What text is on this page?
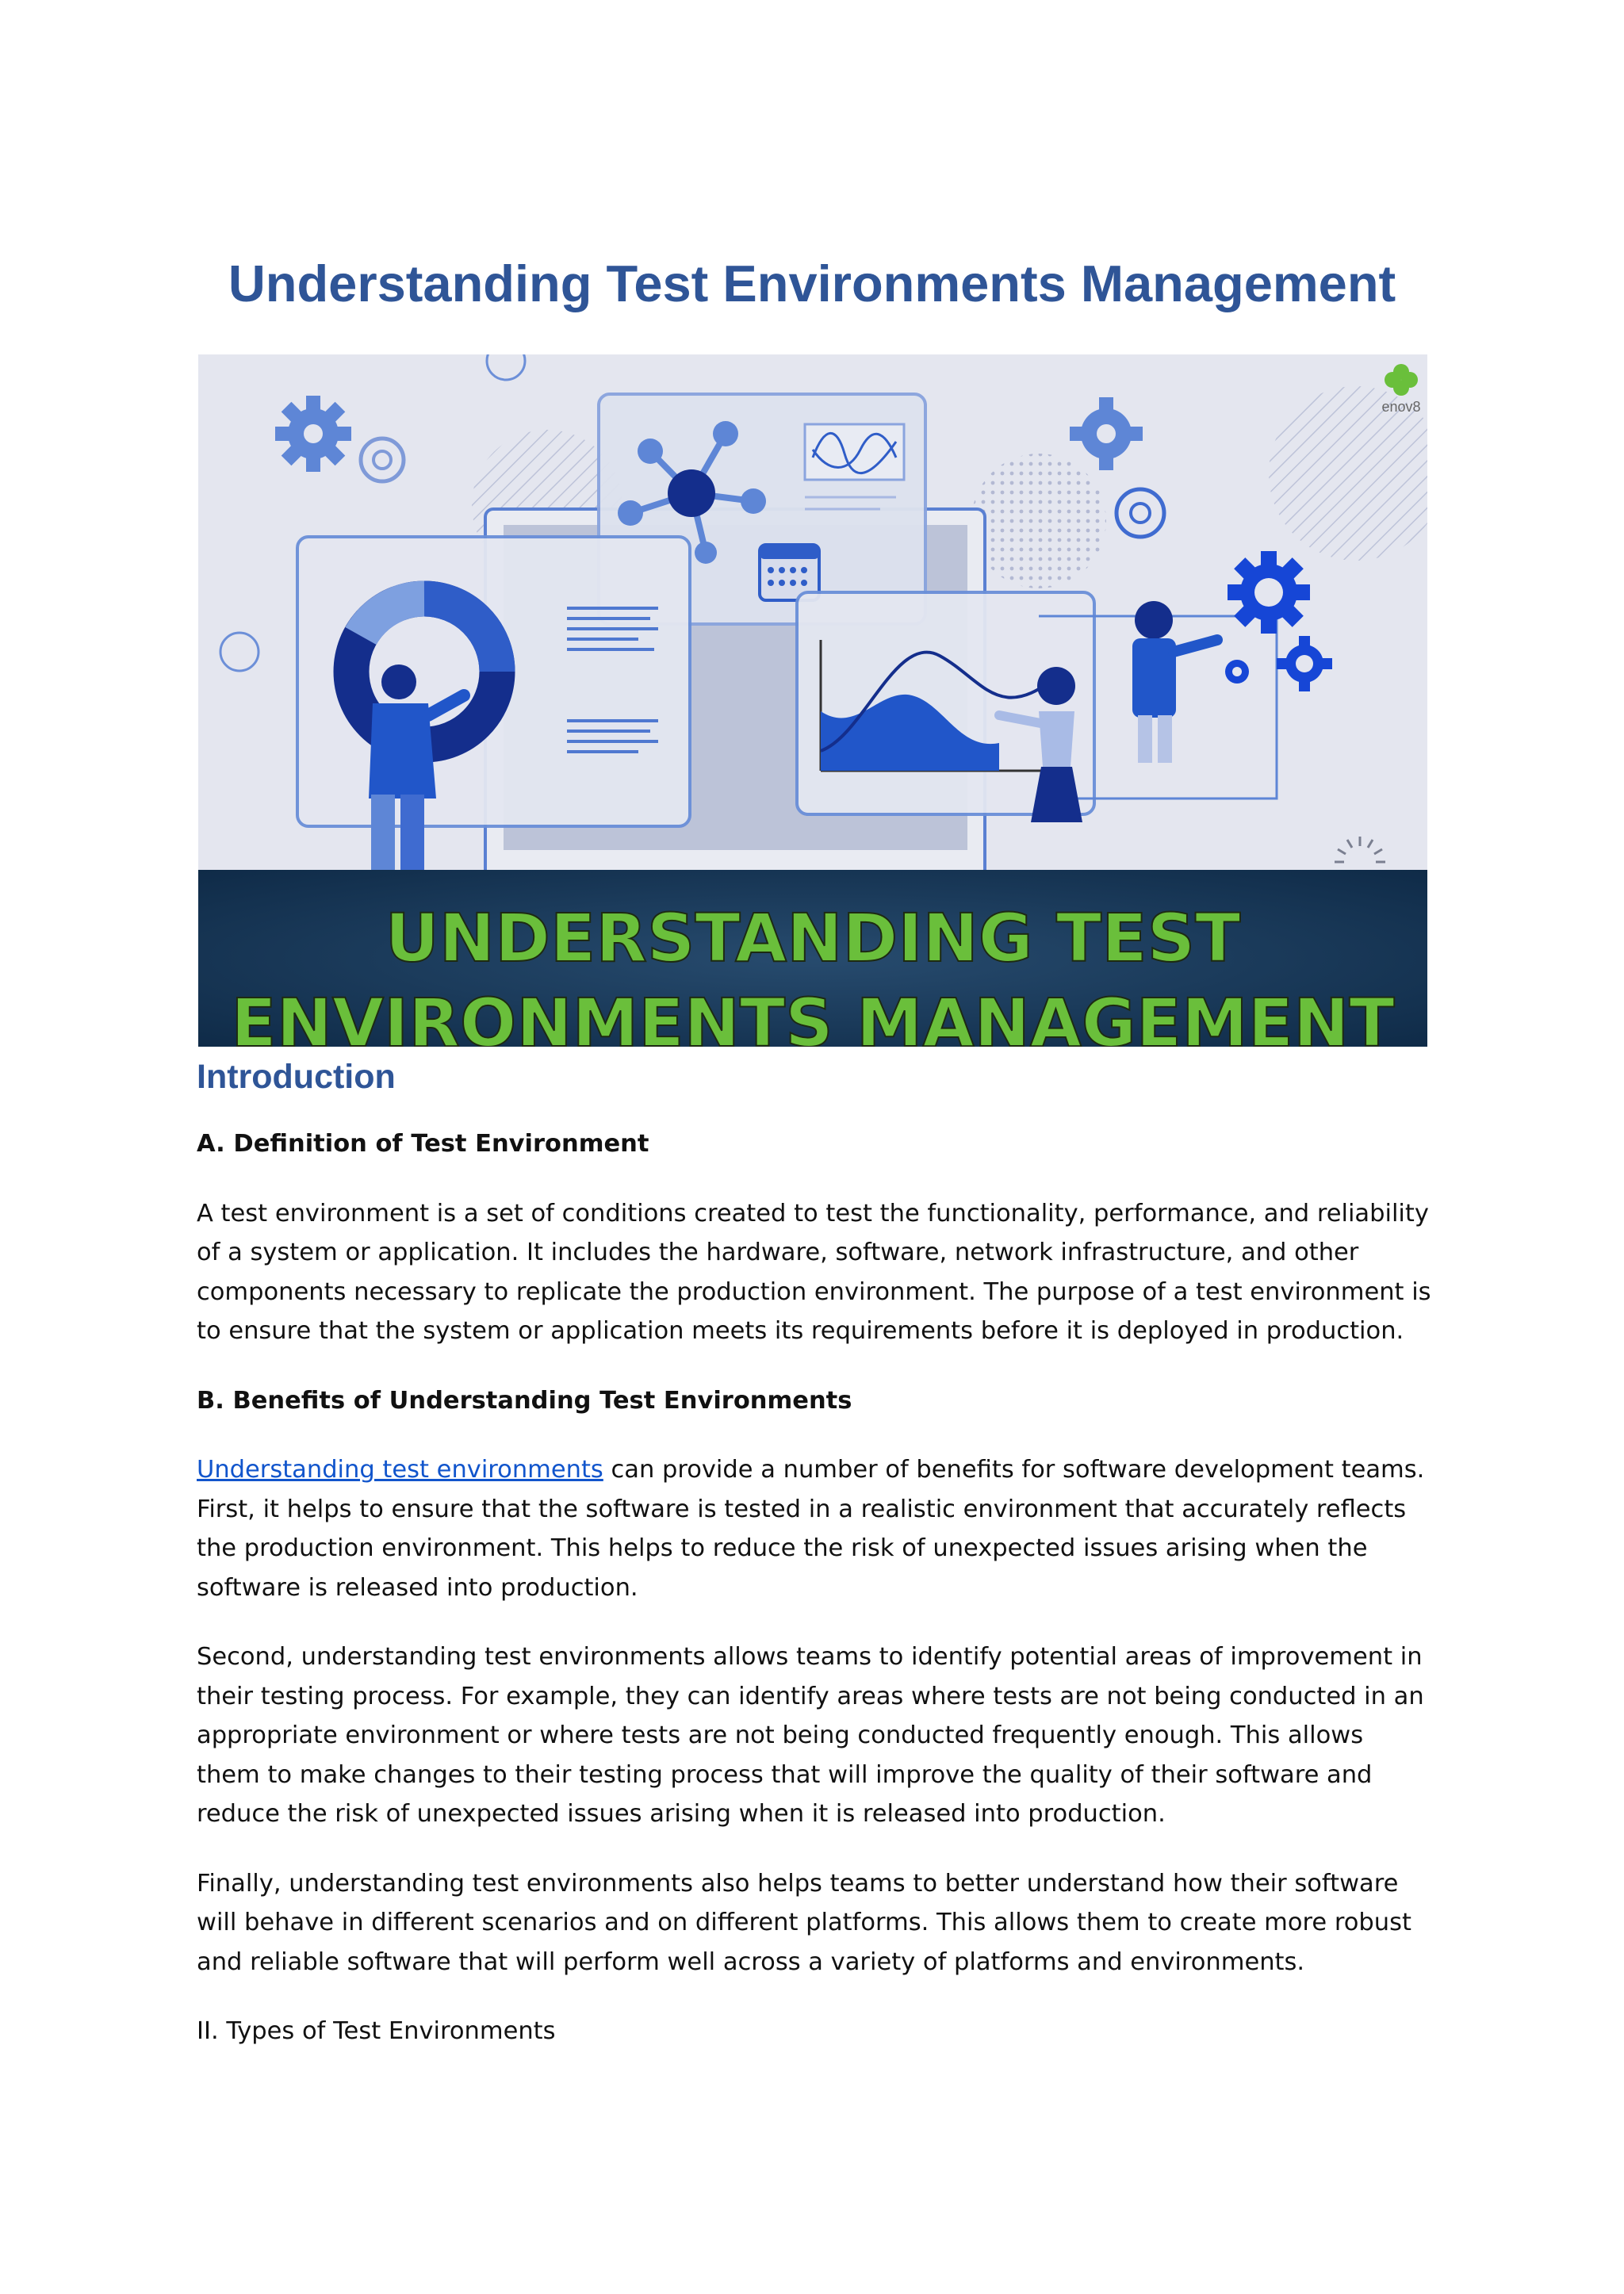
Understanding Test Environments Management
enov8
UNDERSTANDING TEST
ENVIRONMENTS MANAGEMENT
Introduction
A. Definition of Test Environment

A test environment is a set of conditions created to test the functionality, performance, and reliability of a system or application. It includes the hardware, software, network infrastructure, and other components necessary to replicate the production environment. The purpose of a test environment is to ensure that the system or application meets its requirements before it is deployed in production.

B. Benefits of Understanding Test Environments

Understanding test environments can provide a number of benefits for software development teams. First, it helps to ensure that the software is tested in a realistic environment that accurately reflects the production environment. This helps to reduce the risk of unexpected issues arising when the software is released into production.

Second, understanding test environments allows teams to identify potential areas of improvement in their testing process. For example, they can identify areas where tests are not being conducted in an appropriate environment or where tests are not being conducted frequently enough. This allows them to make changes to their testing process that will improve the quality of their software and reduce the risk of unexpected issues arising when it is released into production.

Finally, understanding test environments also helps teams to better understand how their software will behave in different scenarios and on different platforms. This allows them to create more robust and reliable software that will perform well across a variety of platforms and environments.

II. Types of Test Environments
